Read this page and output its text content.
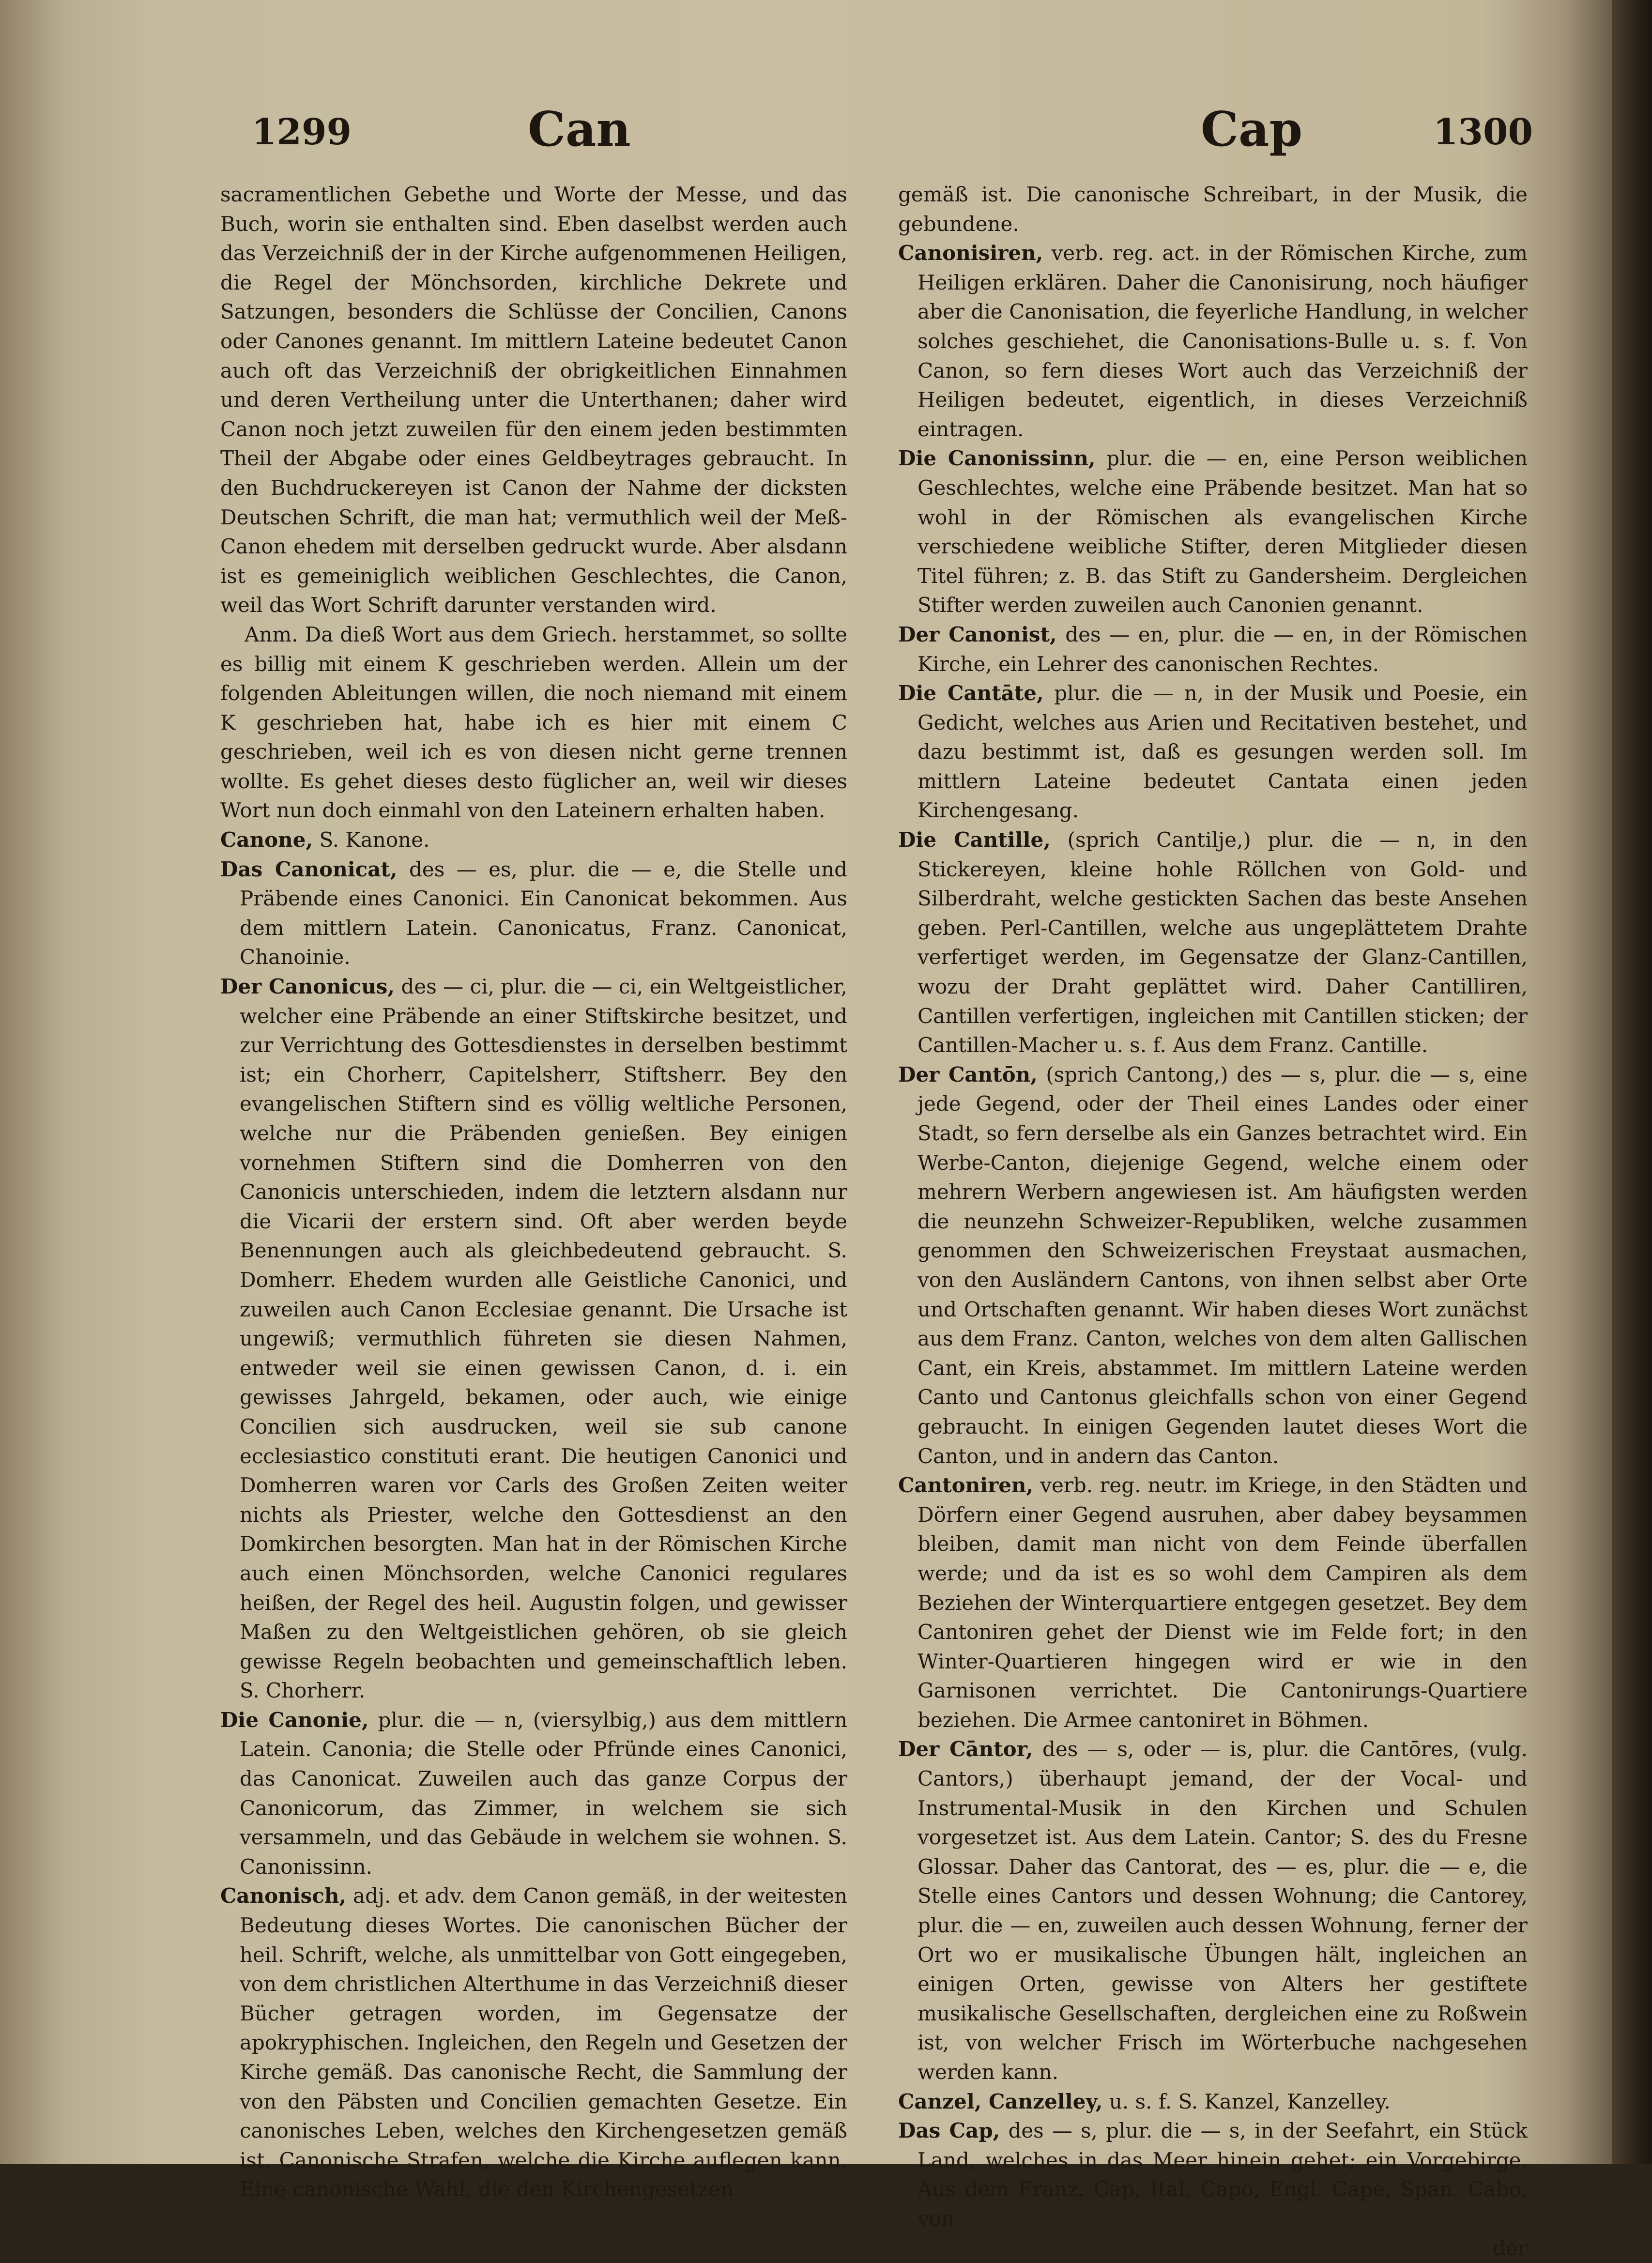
1299	Can	Cap	1300

sacramentlichen Gebethe und Worte der Messe, und das Buch, worin sie enthalten sind. Eben daselbst werden auch das Verzeichniß der in der Kirche aufgenommenen Heiligen, die Regel der Mönchsorden, kirchliche Dekrete und Satzungen, besonders die Schlüsse der Concilien, Canons oder Canones genannt. Im mittlern Lateine bedeutet Canon auch oft das Verzeichniß der obrigkeitlichen Einnahmen und deren Vertheilung unter die Unterthanen; daher wird Canon noch jetzt zuweilen für den einem jeden bestimmten Theil der Abgabe oder eines Geldbeytrages gebraucht. In den Buchdruckereyen ist Canon der Nahme der dicksten Deutschen Schrift, die man hat; vermuthlich weil der Meß-Canon ehedem mit derselben gedruckt wurde. Aber alsdann ist es gemeiniglich weiblichen Geschlechtes, die Canon, weil das Wort Schrift darunter verstanden wird.

Anm. Da dieß Wort aus dem Griech. herstammet, so sollte es billig mit einem K geschrieben werden. Allein um der folgenden Ableitungen willen, die noch niemand mit einem K geschrieben hat, habe ich es hier mit einem C geschrieben, weil ich es von diesen nicht gerne trennen wollte. Es gehet dieses desto füglicher an, weil wir dieses Wort nun doch einmahl von den Lateinern erhalten haben.

Canone, S. Kanone.

Das Canonicat, des — es, plur. die — e, die Stelle und Präbende eines Canonici. Ein Canonicat bekommen. Aus dem mittlern Latein. Canonicatus, Franz. Canonicat, Chanoinie.

Der Canonicus, des — ci, plur. die — ci, ein Weltgeistlicher, welcher eine Präbende an einer Stiftskirche besitzet, und zur Verrichtung des Gottesdienstes in derselben bestimmt ist; ein Chorherr, Capitelsherr, Stiftsherr. Bey den evangelischen Stiftern sind es völlig weltliche Personen, welche nur die Präbenden genießen. Bey einigen vornehmen Stiftern sind die Domherren von den Canonicis unterschieden, indem die letztern alsdann nur die Vicarii der erstern sind. Oft aber werden beyde Benennungen auch als gleichbedeutend gebraucht. S. Domherr. Ehedem wurden alle Geistliche Canonici, und zuweilen auch Canon Ecclesiae genannt. Die Ursache ist ungewiß; vermuthlich führeten sie diesen Nahmen, entweder weil sie einen gewissen Canon, d. i. ein gewisses Jahrgeld, bekamen, oder auch, wie einige Concilien sich ausdrucken, weil sie sub canone ecclesiastico constituti erant. Die heutigen Canonici und Domherren waren vor Carls des Großen Zeiten weiter nichts als Priester, welche den Gottesdienst an den Domkirchen besorgten. Man hat in der Römischen Kirche auch einen Mönchsorden, welche Canonici regulares heißen, der Regel des heil. Augustin folgen, und gewisser Maßen zu den Weltgeistlichen gehören, ob sie gleich gewisse Regeln beobachten und gemeinschaftlich leben. S. Chorherr.

Die Canonie, plur. die — n, (viersylbig,) aus dem mittlern Latein. Canonia; die Stelle oder Pfründe eines Canonici, das Canonicat. Zuweilen auch das ganze Corpus der Canonicorum, das Zimmer, in welchem sie sich versammeln, und das Gebäude in welchem sie wohnen. S. Canonissinn.

Canonisch, adj. et adv. dem Canon gemäß, in der weitesten Bedeutung dieses Wortes. Die canonischen Bücher der heil. Schrift, welche, als unmittelbar von Gott eingegeben, von dem christlichen Alterthume in das Verzeichniß dieser Bücher getragen worden, im Gegensatze der apokryphischen. Ingleichen, den Regeln und Gesetzen der Kirche gemäß. Das canonische Recht, die Sammlung der von den Päbsten und Concilien gemachten Gesetze. Ein canonisches Leben, welches den Kirchengesetzen gemäß ist. Canonische Strafen, welche die Kirche auflegen kann. Eine canonische Wahl, die den Kirchengesetzen

gemäß ist. Die canonische Schreibart, in der Musik, die gebundene.

Canonisiren, verb. reg. act. in der Römischen Kirche, zum Heiligen erklären. Daher die Canonisirung, noch häufiger aber die Canonisation, die feyerliche Handlung, in welcher solches geschiehet, die Canonisations-Bulle u. s. f. Von Canon, so fern dieses Wort auch das Verzeichniß der Heiligen bedeutet, eigentlich, in dieses Verzeichniß eintragen.

Die Canonissinn, plur. die — en, eine Person weiblichen Geschlechtes, welche eine Präbende besitzet. Man hat so wohl in der Römischen als evangelischen Kirche verschiedene weibliche Stifter, deren Mitglieder diesen Titel führen; z. B. das Stift zu Gandersheim. Dergleichen Stifter werden zuweilen auch Canonien genannt.

Der Canonist, des — en, plur. die — en, in der Römischen Kirche, ein Lehrer des canonischen Rechtes.

Die Cantāte, plur. die — n, in der Musik und Poesie, ein Gedicht, welches aus Arien und Recitativen bestehet, und dazu bestimmt ist, daß es gesungen werden soll. Im mittlern Lateine bedeutet Cantata einen jeden Kirchengesang.

Die Cantille, (sprich Cantilje,) plur. die — n, in den Stickereyen, kleine hohle Röllchen von Gold- und Silberdraht, welche gestickten Sachen das beste Ansehen geben. Perl-Cantillen, welche aus ungeplättetem Drahte verfertiget werden, im Gegensatze der Glanz-Cantillen, wozu der Draht geplättet wird. Daher Cantilliren, Cantillen verfertigen, ingleichen mit Cantillen sticken; der Cantillen-Macher u. s. f. Aus dem Franz. Cantille.

Der Cantōn, (sprich Cantong,) des — s, plur. die — s, eine jede Gegend, oder der Theil eines Landes oder einer Stadt, so fern derselbe als ein Ganzes betrachtet wird. Ein Werbe-Canton, diejenige Gegend, welche einem oder mehrern Werbern angewiesen ist. Am häufigsten werden die neunzehn Schweizer-Republiken, welche zusammen genommen den Schweizerischen Freystaat ausmachen, von den Ausländern Cantons, von ihnen selbst aber Orte und Ortschaften genannt. Wir haben dieses Wort zunächst aus dem Franz. Canton, welches von dem alten Gallischen Cant, ein Kreis, abstammet. Im mittlern Lateine werden Canto und Cantonus gleichfalls schon von einer Gegend gebraucht. In einigen Gegenden lautet dieses Wort die Canton, und in andern das Canton.

Cantoniren, verb. reg. neutr. im Kriege, in den Städten und Dörfern einer Gegend ausruhen, aber dabey beysammen bleiben, damit man nicht von dem Feinde überfallen werde; und da ist es so wohl dem Campiren als dem Beziehen der Winterquartiere entgegen gesetzet. Bey dem Cantoniren gehet der Dienst wie im Felde fort; in den Winter-Quartieren hingegen wird er wie in den Garnisonen verrichtet. Die Cantonirungs-Quartiere beziehen. Die Armee cantoniret in Böhmen.

Der Cāntor, des — s, oder — is, plur. die Cantōres, (vulg. Cantors,) überhaupt jemand, der der Vocal- und Instrumental-Musik in den Kirchen und Schulen vorgesetzet ist. Aus dem Latein. Cantor; S. des du Fresne Glossar. Daher das Cantorat, des — es, plur. die — e, die Stelle eines Cantors und dessen Wohnung; die Cantorey, plur. die — en, zuweilen auch dessen Wohnung, ferner der Ort wo er musikalische Übungen hält, ingleichen an einigen Orten, gewisse von Alters her gestiftete musikalische Gesellschaften, dergleichen eine zu Roßwein ist, von welcher Frisch im Wörterbuche nachgesehen werden kann.

Canzel, Canzelley, u. s. f. S. Kanzel, Kanzelley.

Das Cap, des — s, plur. die — s, in der Seefahrt, ein Stück Land, welches in das Meer hinein gehet; ein Vorgebirge. Aus dem Franz. Cap, Ital. Capo, Engl. Cape, Span. Cabo, von

der
